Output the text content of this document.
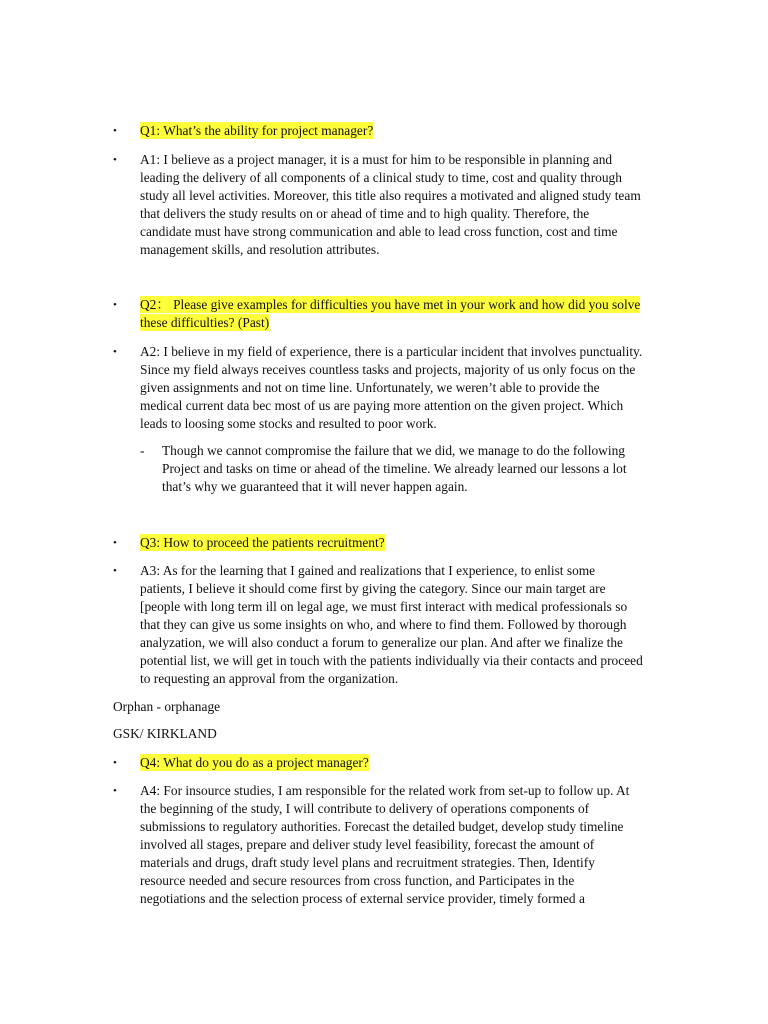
•	Q1: What’s the ability for project manager?
•	A1: I believe as a project manager, it is a must for him to be responsible in planning and leading the delivery of all components of a clinical study to time, cost and quality through study all level activities. Moreover, this title also requires a motivated and aligned study team that delivers the study results on or ahead of time and to high quality. Therefore, the candidate must have strong communication and able to lead cross function, cost and time management skills, and resolution attributes.
•	Q2： Please give examples for difficulties you have met in your work and how did you solve these difficulties? (Past)
•	A2: I believe in my field of experience, there is a particular incident that involves punctuality. Since my field always receives countless tasks and projects, majority of us only focus on the given assignments and not on time line. Unfortunately, we weren’t able to provide the medical current data bec most of us are paying more attention on the given project. Which leads to loosing some stocks and resulted to poor work.
- Though we cannot compromise the failure that we did, we manage to do the following Project and tasks on time or ahead of the timeline. We already learned our lessons a lot that’s why we guaranteed that it will never happen again.
•	Q3: How to proceed the patients recruitment?
•	A3: As for the learning that I gained and realizations that I experience, to enlist some patients, I believe it should come first by giving the category. Since our main target are [people with long term ill on legal age, we must first interact with medical professionals so that they can give us some insights on who, and where to find them. Followed by thorough analyzation, we will also conduct a forum to generalize our plan. And after we finalize the potential list, we will get in touch with the patients individually via their contacts and proceed to requesting an approval from the organization.
Orphan - orphanage
GSK/ KIRKLAND
•	Q4: What do you do as a project manager?
•	A4: For insource studies, I am responsible for the related work from set-up to follow up. At the beginning of the study, I will contribute to delivery of operations components of submissions to regulatory authorities. Forecast the detailed budget, develop study timeline involved all stages, prepare and deliver study level feasibility, forecast the amount of materials and drugs, draft study level plans and recruitment strategies. Then, Identify resource needed and secure resources from cross function, and Participates in the negotiations and the selection process of external service provider, timely formed a
